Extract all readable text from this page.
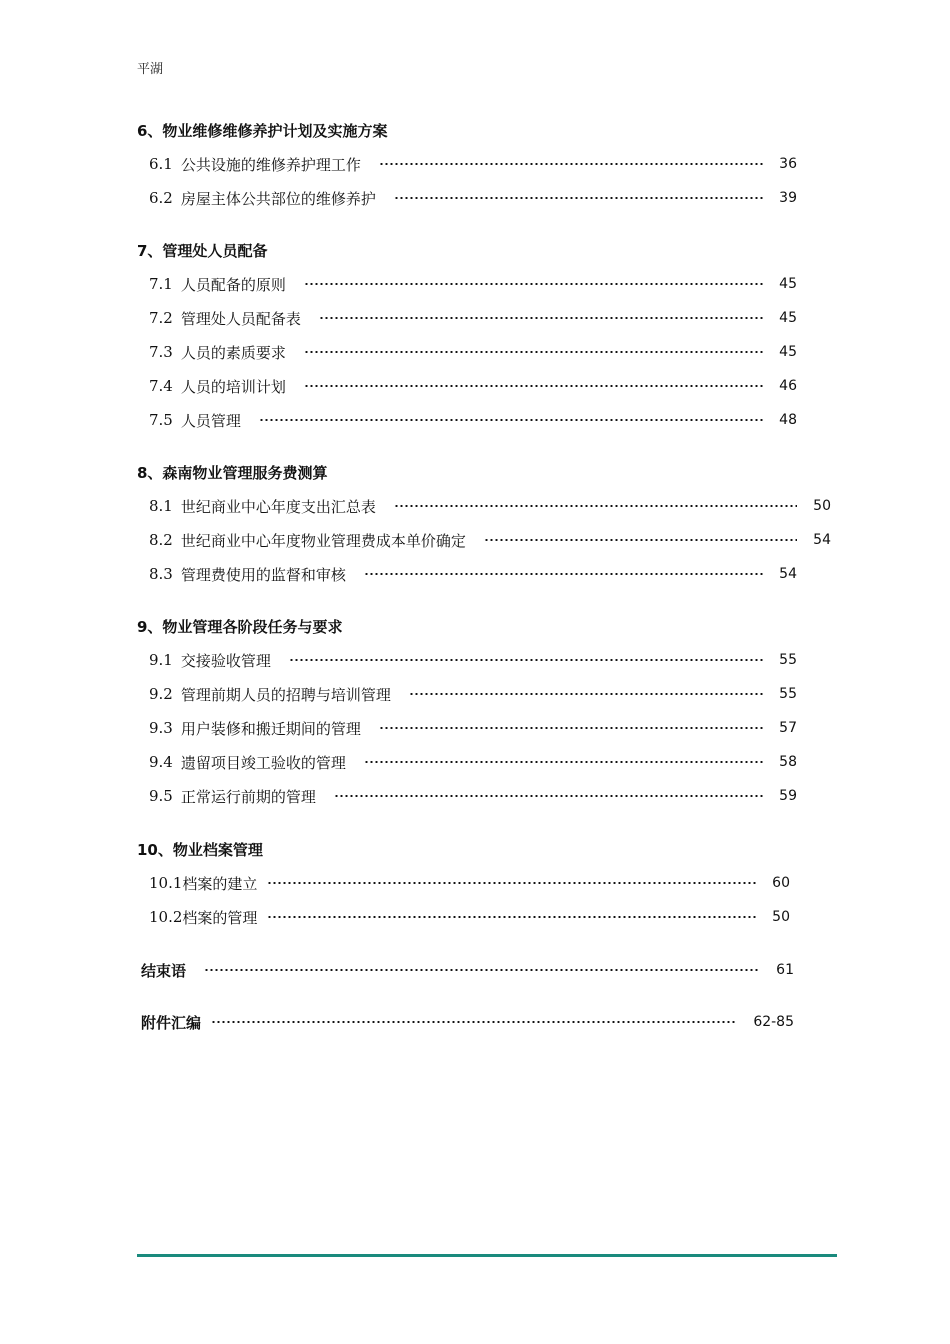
平湖
6、物业维修维修养护计划及实施方案
6.1 公共设施的维修养护理工作	36
6.2 房屋主体公共部位的维修养护	39
7、管理处人员配备
7.1 人员配备的原则	45
7.2 管理处人员配备表	45
7.3 人员的素质要求	45
7.4 人员的培训计划	46
7.5 人员管理	48
8、森南物业管理服务费测算
8.1 世纪商业中心年度支出汇总表	50
8.2 世纪商业中心年度物业管理费成本单价确定	54
8.3 管理费使用的监督和审核	54
9、物业管理各阶段任务与要求
9.1 交接验收管理	55
9.2 管理前期人员的招聘与培训管理	55
9.3 用户装修和搬迁期间的管理	57
9.4 遗留项目竣工验收的管理	58
9.5 正常运行前期的管理	59
10、物业档案管理
10.1 档案的建立	60
10.2 档案的管理	50
结束语	61
附件汇编	62-85
